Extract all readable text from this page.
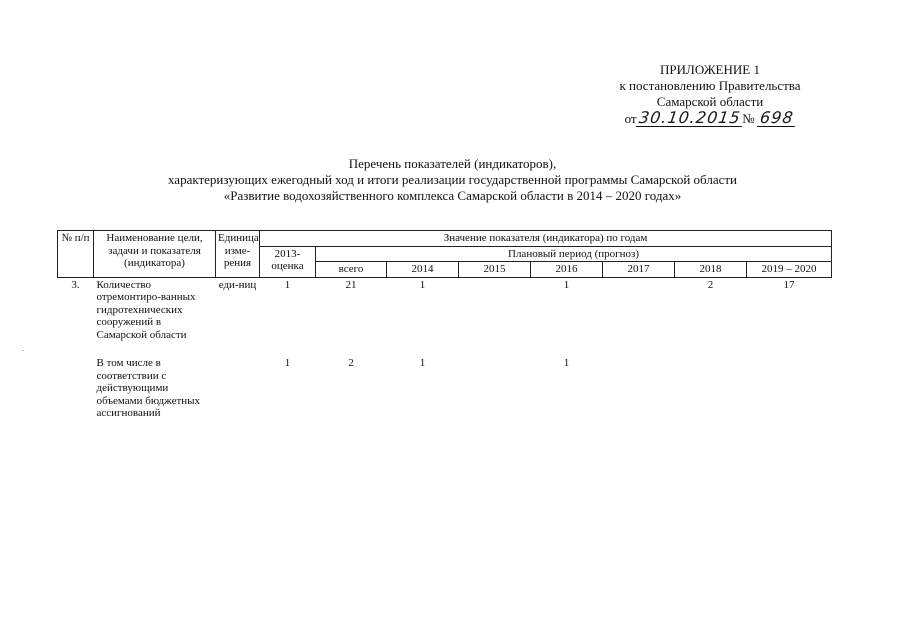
ПРИЛОЖЕНИЕ 1
к постановлению Правительства
Самарской области
от30.10.2015№ 698
Перечень показателей (индикаторов),
характеризующих ежегодный ход и итоги реализации государственной программы Самарской области
«Развитие водохозяйственного комплекса Самарской области в 2014 – 2020 годах»
№ п/п	Наименование цели, задачи и показателя (индикатора)	Единица изме-рения	Значение показателя (индикатора) по годам							
			2013-оценка	Плановый период (прогноз)						
				всего	2014	2015	2016	2017	2018	2019 – 2020
3.	Количество отремонтиро-ванных гидротехнических сооружений в Самарской области	еди-ниц	1	21	1		1		2	17

	В том числе в соответствии с действующими объемами бюджетных ассигнований		1	2	1		1			
